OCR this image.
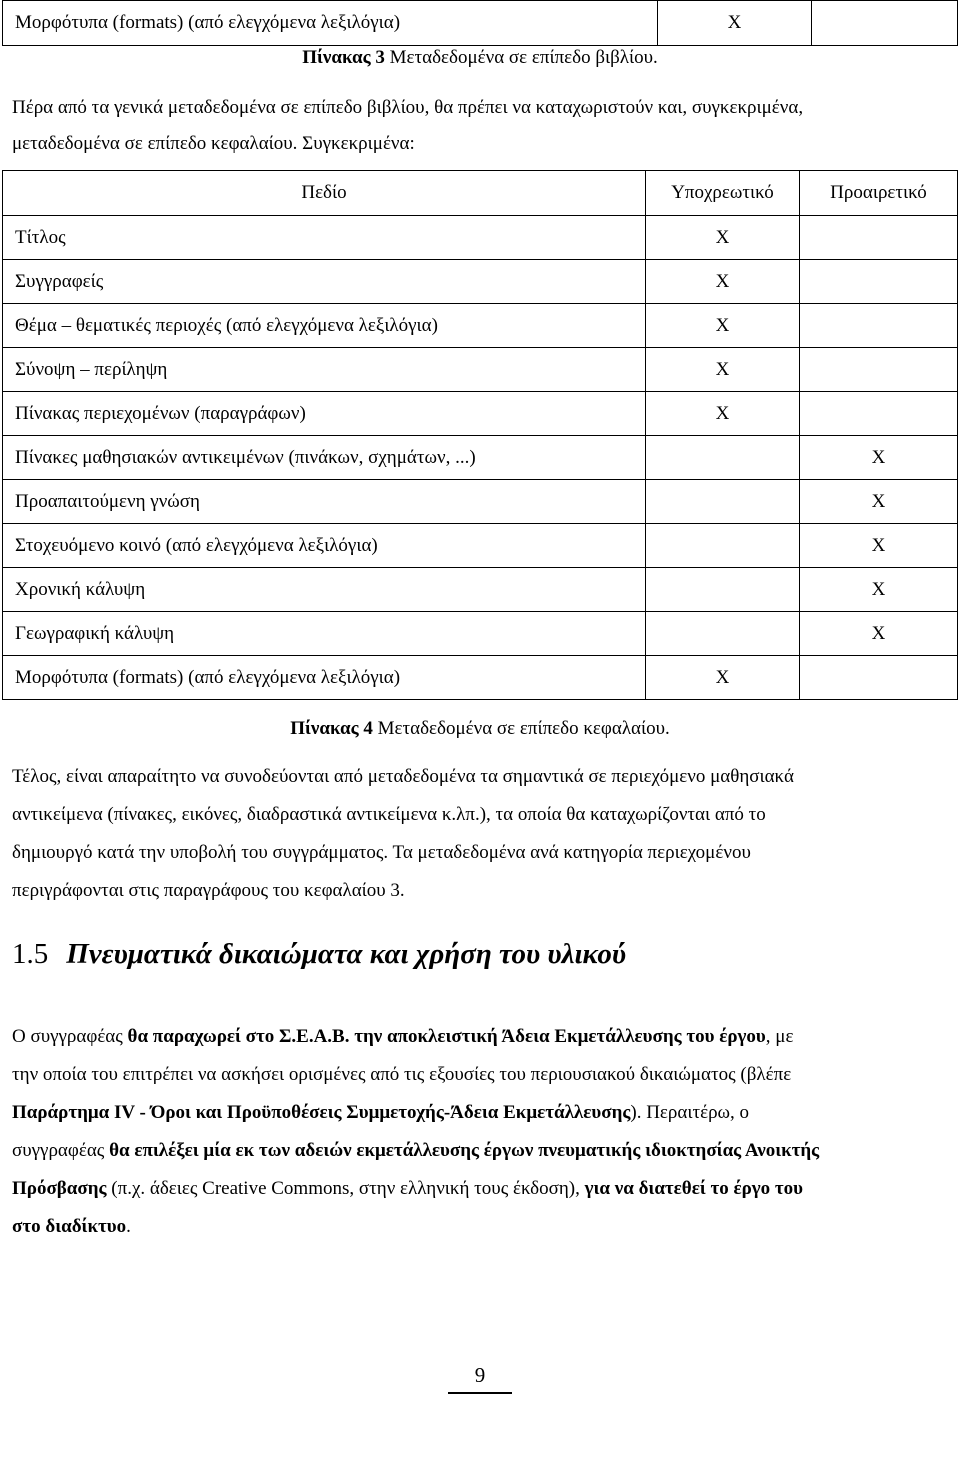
Μορφότυπα (formats) (από ελεγχόμενα λεξιλόγια)	X	
Πίνακας 3 Μεταδεδομένα σε επίπεδο βιβλίου.
Πέρα από τα γενικά μεταδεδομένα σε επίπεδο βιβλίου, θα πρέπει να καταχωριστούν και, συγκεκριμένα,
μεταδεδομένα σε επίπεδο κεφαλαίου. Συγκεκριμένα:
Πεδίο	Υποχρεωτικό	Προαιρετικό
Τίτλος	X	
Συγγραφείς	X	
Θέμα – θεματικές περιοχές (από ελεγχόμενα λεξιλόγια)	X	
Σύνοψη – περίληψη	X	
Πίνακας περιεχομένων (παραγράφων)	X	
Πίνακες μαθησιακών αντικειμένων (πινάκων, σχημάτων, ...)		X
Προαπαιτούμενη γνώση		X
Στοχευόμενο κοινό (από ελεγχόμενα λεξιλόγια)		X
Χρονική κάλυψη		X
Γεωγραφική κάλυψη		X
Μορφότυπα (formats) (από ελεγχόμενα λεξιλόγια)	X	
Πίνακας 4 Μεταδεδομένα σε επίπεδο κεφαλαίου.
Τέλος, είναι απαραίτητο να συνοδεύονται από μεταδεδομένα τα σημαντικά σε περιεχόμενο μαθησιακά
αντικείμενα (πίνακες, εικόνες, διαδραστικά αντικείμενα κ.λπ.), τα οποία θα καταχωρίζονται από το
δημιουργό κατά την υποβολή του συγγράμματος. Τα μεταδεδομένα ανά κατηγορία περιεχομένου
περιγράφονται στις παραγράφους του κεφαλαίου 3.
1.5 Πνευματικά δικαιώματα και χρήση του υλικού
Ο συγγραφέας θα παραχωρεί στο Σ.Ε.Α.Β. την αποκλειστική Άδεια Εκμετάλλευσης του έργου, με
την οποία του επιτρέπει να ασκήσει ορισμένες από τις εξουσίες του περιουσιακού δικαιώματος (βλέπε
Παράρτημα IV - Όροι και Προϋποθέσεις Συμμετοχής-Άδεια Εκμετάλλευσης). Περαιτέρω, ο
συγγραφέας θα επιλέξει μία εκ των αδειών εκμετάλλευσης έργων πνευματικής ιδιοκτησίας Ανοικτής
Πρόσβασης (π.χ. άδειες Creative Commons, στην ελληνική τους έκδοση), για να διατεθεί το έργο του
στο διαδίκτυο.
9
